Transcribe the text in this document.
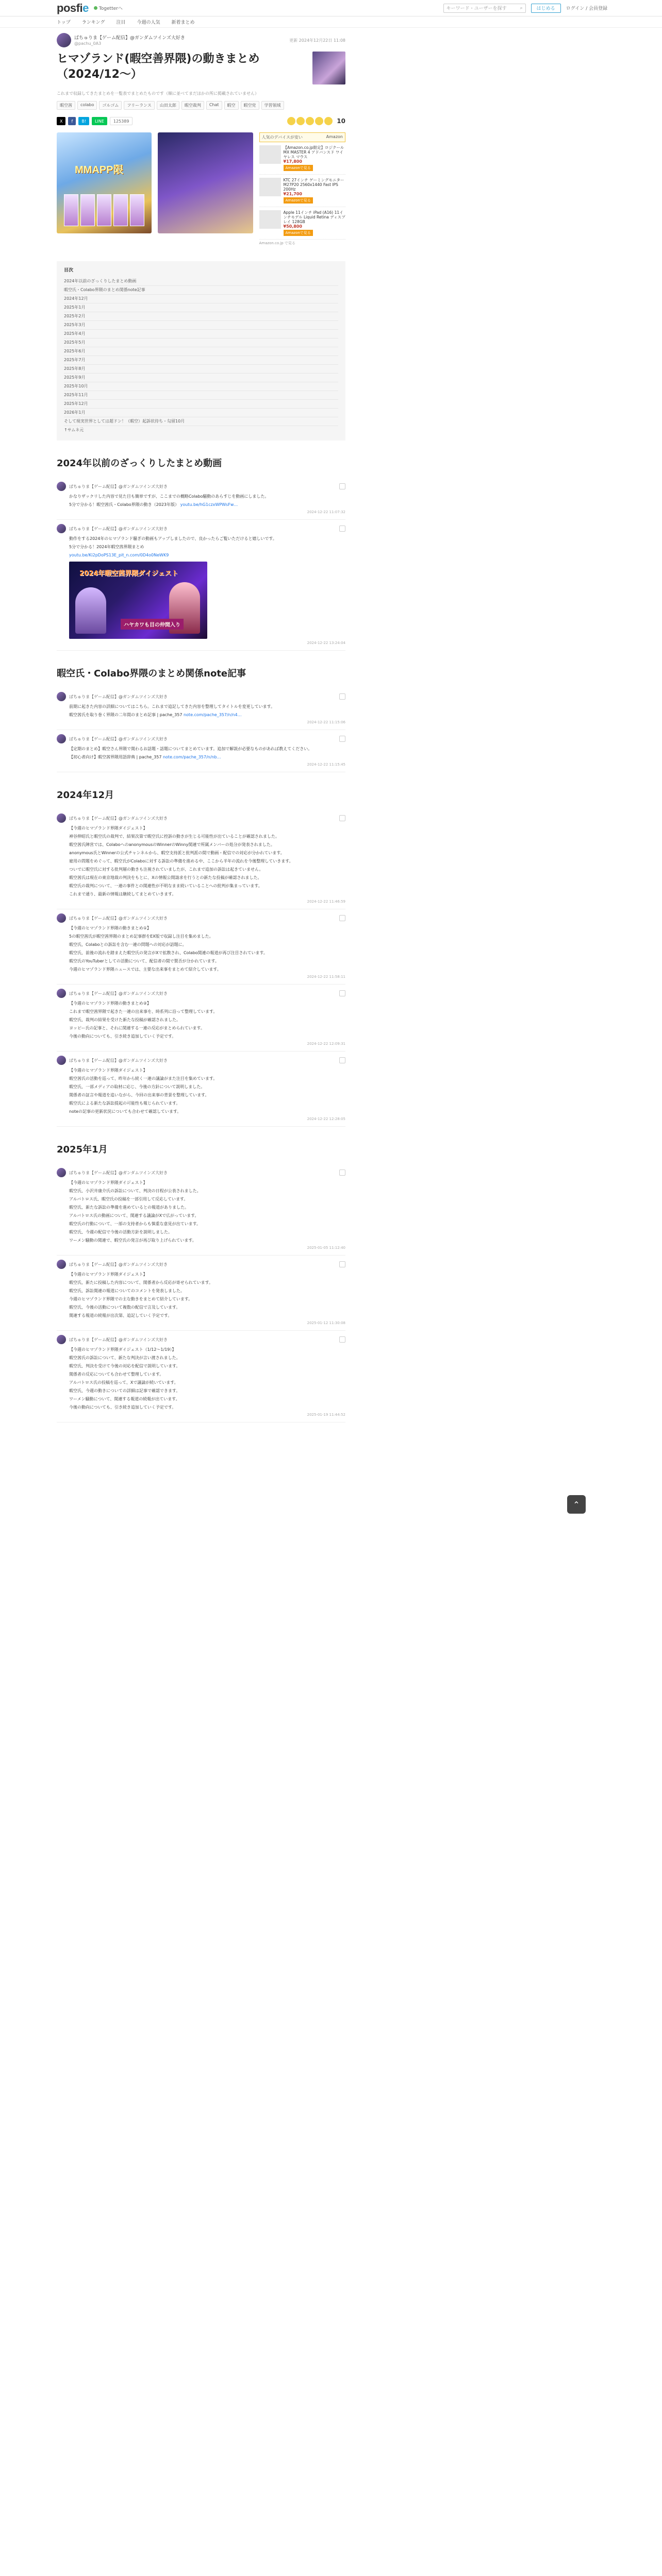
posfie Togetterへ	キーワード・ユーザーを探す	⌕	はじめる	ログイン / 会員登録
トップ ランキング 注目 今週の人気 新着まとめ
ぱちゅりま【ゲーム配信】@ガンダムツインズ大好き
@pachu_0A3
更新 2024年12月22日 11:08
ヒマゾランド(暇空善界隈)の動きまとめ（2024/12〜）
これまで収録してきたまとめを一覧表でまとめたものです（順に並べてまだほかの所に掲載されていません）
暇空茜	colabo	ゴルゴム	フリーランス	山田太郎	暇空裁判	Chat	暇空	暇空党	学習領域
X	f	B!	LINE	125389	10
MMAPP限
人気のデバイスが安い	Amazon
【Amazon.co.jp限定】ロジクール MX MASTER 4 アドバンスド ワイヤレス マウス
¥17,800
Amazonで見る
KTC 27インチ ゲーミングモニター M27P20 2560x1440 Fast IPS 200Hz
¥21,700
Amazonで見る
Apple 11インチ iPad (A16) 11インチモデル Liquid Retina ディスプレイ 128GB
¥50,800
Amazonで見る
Amazon.co.jp で見る
目次
2024年以前のざっくりしたまとめ動画
暇空氏・Colabo界隈のまとめ関係note記事
2024年12月
2025年1月
2025年2月
2025年3月
2025年4月
2025年5月
2025年6月
2025年7月
2025年8月
2025年9月
2025年10月
2025年11月
2025年12月
2026年1月
そして現実世界としては超ドン！（暇空）起訴状待ち・勾留10月
↑サムネ元
2024年以前のざっくりしたまとめ動画
ぱちゅりま【ゲーム配信】@ガンダムツインズ大好き

かなりザックリした内容で見た目も簡単ですが、ここまでの概略Colabo騒動のあらすじを動画にしました。

5分で分かる！暇空茜氏・Colabo界隈の動き（2023年版） youtu.be/hG1czxWPWsFw…

2024-12-22 11:07:32
ぱちゅりま【ゲーム配信】@ガンダムツインズ大好き

動作をする2024年のヒマゾランド騒ぎの動画もアップしましたので、良かったらご覧いただけると嬉しいです。

5分で分かる！2024年暇空茜界隈まとめ

youtu.be/Ki2pDoPS13E_pit_n.com/0D4o0NeWK9

2024年暇空茜界隈ダイジェスト
ハヤカワも目の仲間入り
2024-12-22 13:24:04
暇空氏・Colabo界隈のまとめ関係note記事
ぱちゅりま【ゲーム配信】@ガンダムツインズ大好き

前期に起きた内容の詳細についてはこちら。これまで追記してきた内容を整理してタイトルを変更しています。

暇空茜氏を取り巻く界隈の二年間のまとめ記事 | pache_357 note.com/pache_357/n/n4…

2024-12-22 11:15:06
ぱちゅりま【ゲーム配信】@ガンダムツインズ大好き

【定期のまとめ】暇空さん界隈で関わるお話題・話題についてまとめています。追加で解説が必要なものがあれば教えてください。

【初心者向け】暇空茜界隈用語辞典 | pache_357 note.com/pache_357/n/nb…

2024-12-22 11:15:45
2024年12月
ぱちゅりま【ゲーム配信】@ガンダムツインズ大好き

【今週のヒマゾランド界隈ダイジェスト】

神谷伸昭氏と暇空氏の裁判で、結果次第で暇空氏に控訴の動きが生じる可能性が出ていることが確認されました。

暇空茜氏陣営では、ColaboへのanonymousのWinnerのWinny関連で所属メンバーの処分が発表されました。

anonymous氏とWinnerの公式チャンネルから、暇空支持派と批判派の間で動画・配信での対応が分かれています。

雇用の問題をめぐって、暇空氏がColaboに対する訴訟の準備を進める中、ここから半年の流れを今後整理していきます。

ついでに暇空氏に対する批判層の動きも注視されていましたが、これまで追加の訴訟は起きていません。

暇空茜氏は現在の東京地裁の判決をもとに、Xの情報公開請求を行うとの新たな投稿が確認されました。

暇空氏の裁判について、一連の事件との関連性が不明なまま続いていることへの批判が集まっています。

これまで通り、最新の情報は継続してまとめていきます。

2024-12-22 11:46:59
ぱちゅりま【ゲーム配信】@ガンダムツインズ大好き

【今週のヒマゾランド界隈の動きまとめ①】

5の暇空茜氏が暇空茜界隈のまとめ記事群をEX版で収録し注目を集めました。

暇空氏、Colaboとの訴訟を含む一連の問題への対応が話題に。

暇空氏、前後の流れを踏まえた暇空氏の発言がXで拡散され、Colabo関連の報道が再び注目されています。

暇空氏のYouTuberとしての活動について、配信者の間で賛否が分かれています。

今週のヒマゾランド界隈ニュースでは、主要な出来事をまとめて紹介しています。

2024-12-22 11:58:11
ぱちゅりま【ゲーム配信】@ガンダムツインズ大好き

【今週のヒマゾランド界隈の動きまとめ②】

これまで暇空茜界隈で起きた一連の出来事を、時系列に沿って整理しています。

暇空氏、裁判の結果を受けた新たな投稿が確認されました。

ヨッピー氏の記事と、それに関連する一連の反応がまとめられています。

今後の動向についても、引き続き追加していく予定です。

2024-12-22 12:09:31
ぱちゅりま【ゲーム配信】@ガンダムツインズ大好き

【今週のヒマゾランド界隈ダイジェスト】

暇空茜氏の活動を巡って、昨年から続く一連の議論がまた注目を集めています。

暇空氏、一部メディアの取材に応じ、今後の方針について説明しました。

関係者の証言や報道を追いながら、今回の出来事の背景を整理しています。

暇空氏による新たな訴訟提起の可能性も報じられています。

noteの記事の更新状況についても合わせて確認しています。

2024-12-22 12:28:05
2025年1月
ぱちゅりま【ゲーム配信】@ガンダムツインズ大好き

【今週のヒマゾランド界隈ダイジェスト】

暇空氏、小沢井康介氏の訴訟について、判決の日程が公表されました。

アルバトロス氏、暇空氏の投稿を一部引用して反応しています。

暇空氏、新たな訴訟の準備を進めているとの報道がありました。

アルバトロス氏の動画について、関連する議論がXで広がっています。

暇空氏の行動について、一部の支持者からも慎重な意見が出ています。

暇空氏、今週の配信で今後の活動方針を説明しました。

ワーメン騒動の関連で、暇空氏の発言が再び取り上げられています。

2025-01-05 11:12:40
ぱちゅりま【ゲーム配信】@ガンダムツインズ大好き

【今週のヒマゾランド界隈ダイジェスト】

暇空氏、新たに投稿した内容について、関係者から反応が寄せられています。

暇空氏、訴訟関連の報道についてのコメントを発表しました。

今週のヒマゾランド界隈での主な動きをまとめて紹介しています。

暇空氏、今後の活動について複数の配信で言及しています。

関連する報道の続報が出次第、追記していく予定です。

2025-01-12 11:30:08
ぱちゅりま【ゲーム配信】@ガンダムツインズ大好き

【今週のヒマゾランド界隈ダイジェスト（1/12〜1/19）】

暇空茜氏の訴訟について、新たな判決が言い渡されました。

暇空氏、判決を受けて今後の対応を配信で説明しています。

関係者の反応についても合わせて整理しています。

アルバトロス氏の投稿を巡って、Xで議論が続いています。

暇空氏、今週の動きについての詳細は記事で確認できます。

ワーメン騒動について、関連する報道の続報が出ています。

今後の動向についても、引き続き追加していく予定です。

2025-01-19 11:44:52
⌃
